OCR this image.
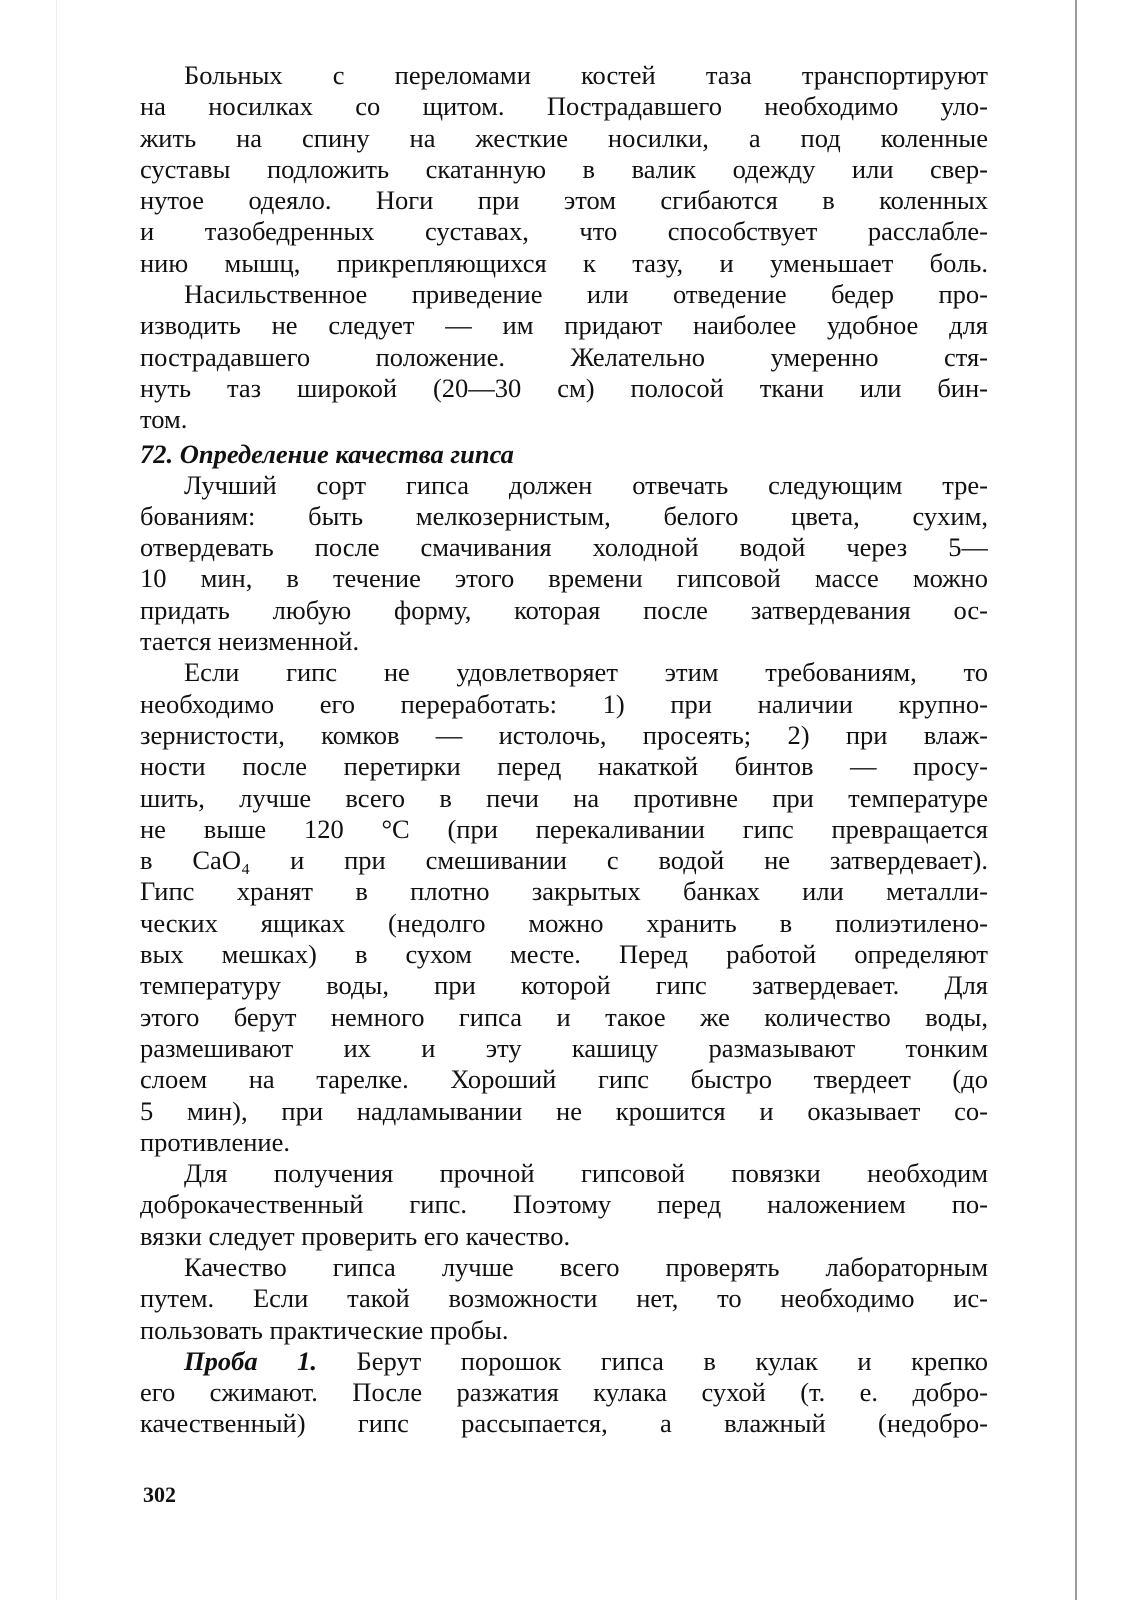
Больных с переломами костей таза транспортируют
на носилках со щитом. Пострадавшего необходимо уло-
жить на спину на жесткие носилки, а под коленные
суставы подложить скатанную в валик одежду или свер-
нутое одеяло. Ноги при этом сгибаются в коленных
и тазобедренных суставах, что способствует расслабле-
нию мышц, прикрепляющихся к тазу, и уменьшает боль.
Насильственное приведение или отведение бедер про-
изводить не следует — им придают наиболее удобное для
пострадавшего положение. Желательно умеренно стя-
нуть таз широкой (20—30 см) полосой ткани или бин-
том.
72. Определение качества гипса
Лучший сорт гипса должен отвечать следующим тре-
бованиям: быть мелкозернистым, белого цвета, сухим,
отвердевать после смачивания холодной водой через 5—
10 мин, в течение этого времени гипсовой массе можно
придать любую форму, которая после затвердевания ос-
тается неизменной.
Если гипс не удовлетворяет этим требованиям, то
необходимо его переработать: 1) при наличии крупно-
зернистости, комков — истолочь, просеять; 2) при влаж-
ности после перетирки перед накаткой бинтов — просу-
шить, лучше всего в печи на противне при температуре
не выше 120 °С (при перекаливании гипс превращается
в CaO₄ и при смешивании с водой не затвердевает).
Гипс хранят в плотно закрытых банках или металли-
ческих ящиках (недолго можно хранить в полиэтилено-
вых мешках) в сухом месте. Перед работой определяют
температуру воды, при которой гипс затвердевает. Для
этого берут немного гипса и такое же количество воды,
размешивают их и эту кашицу размазывают тонким
слоем на тарелке. Хороший гипс быстро твердеет (до
5 мин), при надламывании не крошится и оказывает со-
противление.
Для получения прочной гипсовой повязки необходим
доброкачественный гипс. Поэтому перед наложением по-
вязки следует проверить его качество.
Качество гипса лучше всего проверять лабораторным
путем. Если такой возможности нет, то необходимо ис-
пользовать практические пробы.
Проба 1. Берут порошок гипса в кулак и крепко
его сжимают. После разжатия кулака сухой (т. е. добро-
качественный) гипс рассыпается, а влажный (недобро-
302
